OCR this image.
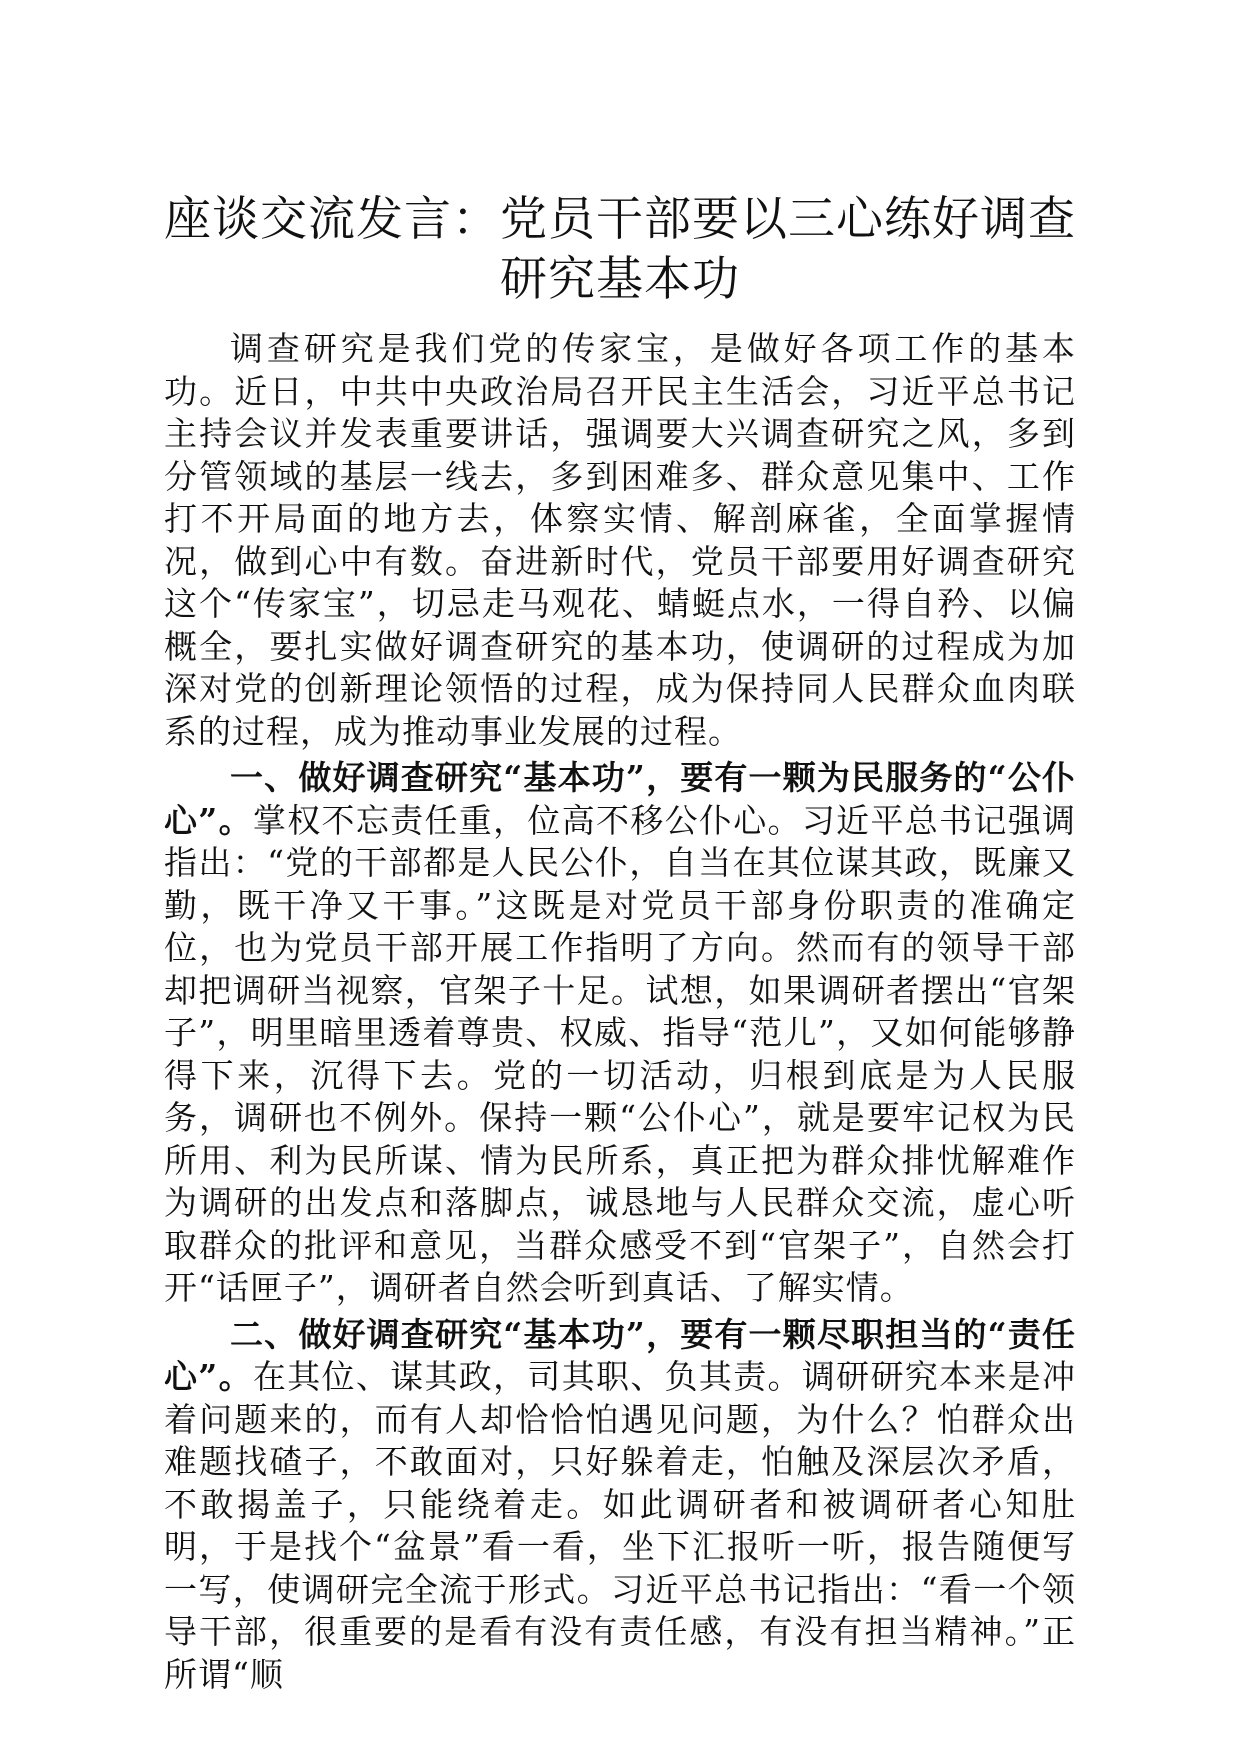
座谈交流发言：党员干部要以三心练好调查研究基本功

调查研究是我们党的传家宝，是做好各项工作的基本功。近日，中共中央政治局召开民主生活会，习近平总书记主持会议并发表重要讲话，强调要大兴调查研究之风，多到分管领域的基层一线去，多到困难多、群众意见集中、工作打不开局面的地方去，体察实情、解剖麻雀，全面掌握情况，做到心中有数。奋进新时代，党员干部要用好调查研究这个“传家宝”，切忌走马观花、蜻蜓点水，一得自矜、以偏概全，要扎实做好调查研究的基本功，使调研的过程成为加深对党的创新理论领悟的过程，成为保持同人民群众血肉联系的过程，成为推动事业发展的过程。

一、做好调查研究“基本功”，要有一颗为民服务的“公仆心”。掌权不忘责任重，位高不移公仆心。习近平总书记强调指出：“党的干部都是人民公仆，自当在其位谋其政，既廉又勤，既干净又干事。”这既是对党员干部身份职责的准确定位，也为党员干部开展工作指明了方向。然而有的领导干部却把调研当视察，官架子十足。试想，如果调研者摆出“官架子”，明里暗里透着尊贵、权威、指导“范儿”，又如何能够静得下来，沉得下去。党的一切活动，归根到底是为人民服务，调研也不例外。保持一颗“公仆心”，就是要牢记权为民所用、利为民所谋、情为民所系，真正把为群众排忧解难作为调研的出发点和落脚点，诚恳地与人民群众交流，虚心听取群众的批评和意见，当群众感受不到“官架子”，自然会打开“话匣子”，调研者自然会听到真话、了解实情。

二、做好调查研究“基本功”，要有一颗尽职担当的“责任心”。在其位、谋其政，司其职、负其责。调研研究本来是冲着问题来的，而有人却恰恰怕遇见问题，为什么？怕群众出难题找碴子，不敢面对，只好躲着走，怕触及深层次矛盾，不敢揭盖子，只能绕着走。如此调研者和被调研者心知肚明，于是找个“盆景”看一看，坐下汇报听一听，报告随便写一写，使调研完全流于形式。习近平总书记指出：“看一个领导干部，很重要的是看有没有责任感，有没有担当精神。”正所谓“顺
